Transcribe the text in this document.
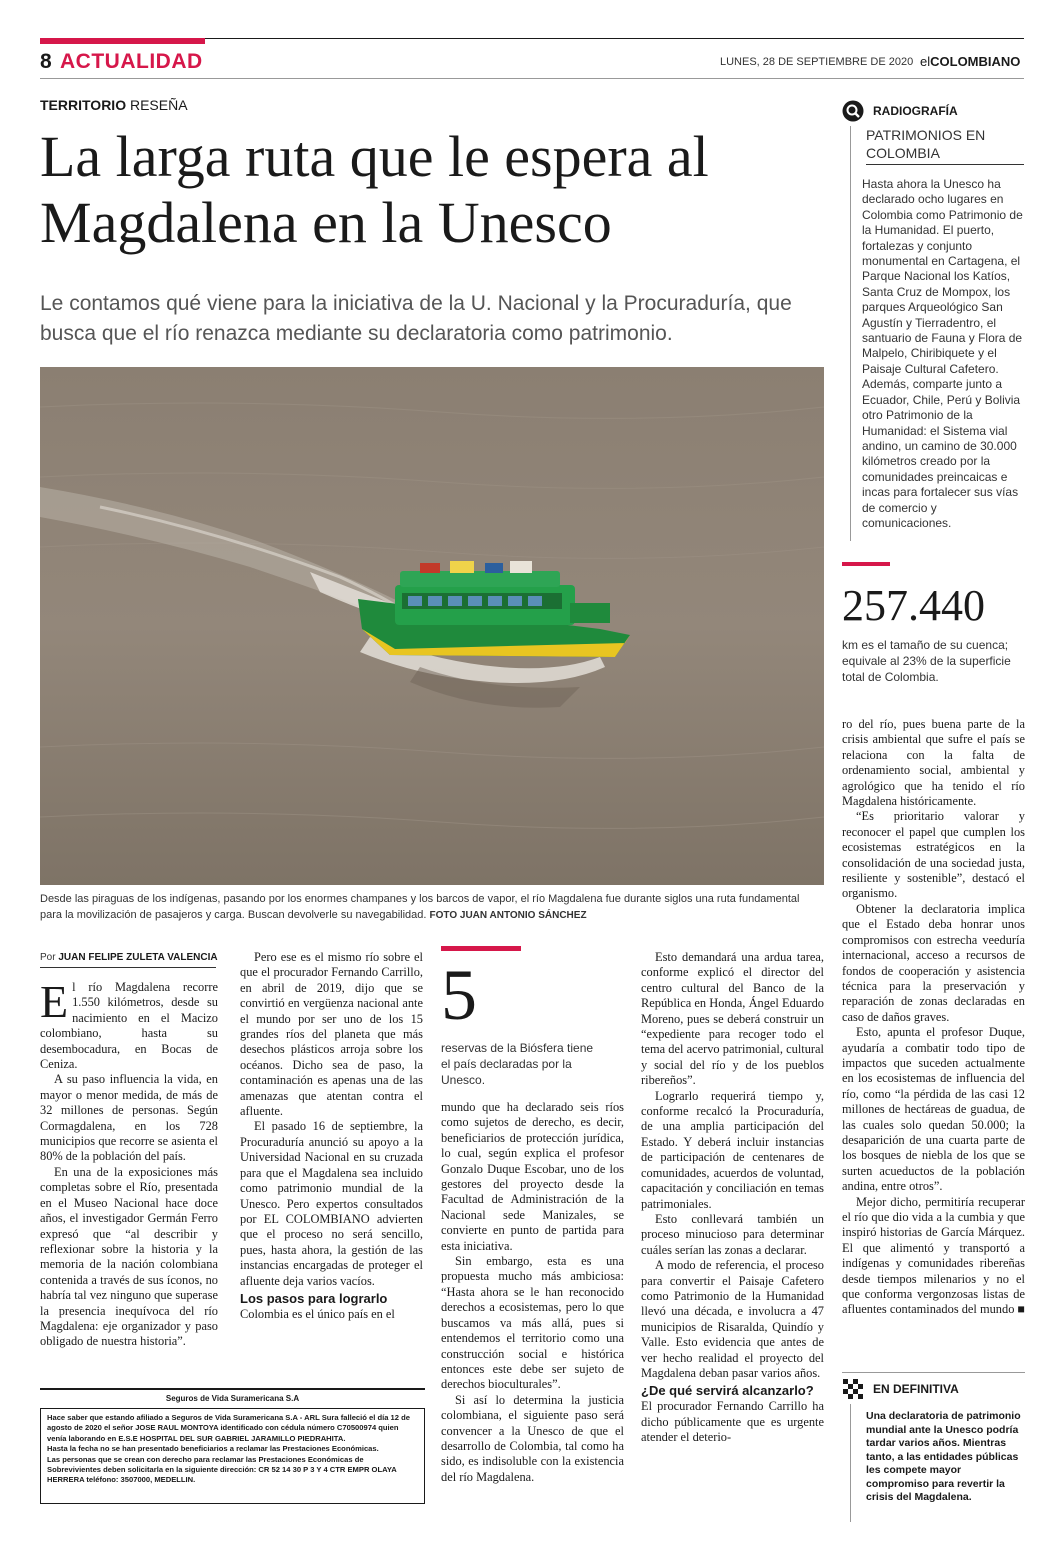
8 ACTUALIDAD	LUNES, 28 DE SEPTIEMBRE DE 2020 elCOLOMBIANO
TERRITORIO RESEÑA
La larga ruta que le espera al Magdalena en la Unesco
Le contamos qué viene para la iniciativa de la U. Nacional y la Procuraduría, que busca que el río renazca mediante su declaratoria como patrimonio.
Desde las piraguas de los indígenas, pasando por los enormes champanes y los barcos de vapor, el río Magdalena fue durante siglos una ruta fundamental para la movilización de pasajeros y carga. Buscan devolverle su navegabilidad. FOTO JUAN ANTONIO SÁNCHEZ
RADIOGRAFÍA
PATRIMONIOS EN COLOMBIA
Hasta ahora la Unesco ha declarado ocho lugares en Colombia como Patrimonio de la Humanidad. El puerto, fortalezas y conjunto monumental en Cartagena, el Parque Nacional los Katíos, Santa Cruz de Mompox, los parques Arqueológico San Agustín y Tierradentro, el santuario de Fauna y Flora de Malpelo, Chiribiquete y el Paisaje Cultural Cafetero. Además, comparte junto a Ecuador, Chile, Perú y Bolivia otro Patrimonio de la Humanidad: el Sistema vial andino, un camino de 30.000 kilómetros creado por la comunidades preincaicas e incas para fortalecer sus vías de comercio y comunicaciones.
257.440
km es el tamaño de su cuenca; equivale al 23% de la superficie total de Colombia.
Por JUAN FELIPE ZULETA VALENCIA

El río Magdalena recorre 1.550 kilómetros, desde su nacimiento en el Macizo colombiano, hasta su desembocadura, en Bocas de Ceniza.

A su paso influencia la vida, en mayor o menor medida, de más de 32 millones de personas. Según Cormagdalena, en los 728 municipios que recorre se asienta el 80% de la población del país.

En una de la exposiciones más completas sobre el Río, presentada en el Museo Nacional hace doce años, el investigador Germán Ferro expresó que “al describir y reflexionar sobre la historia y la memoria de la nación colombiana contenida a través de sus íconos, no habría tal vez ninguno que superase la presencia inequívoca del río Magdalena: eje organizador y paso obligado de nuestra historia”.

Pero ese es el mismo río sobre el que el procurador Fernando Carrillo, en abril de 2019, dijo que se convirtió en vergüenza nacional ante el mundo por ser uno de los 15 grandes ríos del planeta que más desechos plásticos arroja sobre los océanos. Dicho sea de paso, la contaminación es apenas una de las amenazas que atentan contra el afluente.

El pasado 16 de septiembre, la Procuraduría anunció su apoyo a la Universidad Nacional en su cruzada para que el Magdalena sea incluido como patrimonio mundial de la Unesco. Pero expertos consultados por EL COLOMBIANO advierten que el proceso no será sencillo, pues, hasta ahora, la gestión de las instancias encargadas de proteger el afluente deja varios vacíos.

Los pasos para lograrlo

Colombia es el único país en el

5
reservas de la Biósfera tiene el país declaradas por la Unesco.

mundo que ha declarado seis ríos como sujetos de derecho, es decir, beneficiarios de protección jurídica, lo cual, según explica el profesor Gonzalo Duque Escobar, uno de los gestores del proyecto desde la Facultad de Administración de la Nacional sede Manizales, se convierte en punto de partida para esta iniciativa.

Sin embargo, esta es una propuesta mucho más ambiciosa: “Hasta ahora se le han reconocido derechos a ecosistemas, pero lo que buscamos va más allá, pues si entendemos el territorio como una construcción social e histórica entonces este debe ser sujeto de derechos bioculturales”.

Si así lo determina la justicia colombiana, el siguiente paso será convencer a la Unesco de que el desarrollo de Colombia, tal como ha sido, es indisoluble con la existencia del río Magdalena.

Esto demandará una ardua tarea, conforme explicó el director del centro cultural del Banco de la República en Honda, Ángel Eduardo Moreno, pues se deberá construir un “expediente para recoger todo el tema del acervo patrimonial, cultural y social del río y de los pueblos ribereños”.

Lograrlo requerirá tiempo y, conforme recalcó la Procuraduría, de una amplia participación del Estado. Y deberá incluir instancias de participación de centenares de comunidades, acuerdos de voluntad, capacitación y conciliación en temas patrimoniales.

Esto conllevará también un proceso minucioso para determinar cuáles serían las zonas a declarar.

A modo de referencia, el proceso para convertir el Paisaje Cafetero como Patrimonio de la Humanidad llevó una década, e involucra a 47 municipios de Risaralda, Quindío y Valle. Esto evidencia que antes de ver hecho realidad el proyecto del Magdalena deban pasar varios años.

¿De qué servirá alcanzarlo?

El procurador Fernando Carrillo ha dicho públicamente que es urgente atender el deterio-

ro del río, pues buena parte de la crisis ambiental que sufre el país se relaciona con la falta de ordenamiento social, ambiental y agrológico que ha tenido el río Magdalena históricamente.

“Es prioritario valorar y reconocer el papel que cumplen los ecosistemas estratégicos en la consolidación de una sociedad justa, resiliente y sostenible”, destacó el organismo.

Obtener la declaratoria implica que el Estado deba honrar unos compromisos con estrecha veeduría internacional, acceso a recursos de fondos de cooperación y asistencia técnica para la preservación y reparación de zonas declaradas en caso de daños graves.

Esto, apunta el profesor Duque, ayudaría a combatir todo tipo de impactos que suceden actualmente en los ecosistemas de influencia del río, como “la pérdida de las casi 12 millones de hectáreas de guadua, de las cuales solo quedan 50.000; la desaparición de una cuarta parte de los bosques de niebla de los que se surten acueductos de la población andina, entre otros”.

Mejor dicho, permitiría recuperar el río que dio vida a la cumbia y que inspiró historias de García Márquez. El que alimentó y transportó a indígenas y comunidades ribereñas desde tiempos milenarios y no el que conforma vergonzosas listas de afluentes contaminados del mundo ■

Seguros de Vida Suramericana S.A

Hace saber que estando afiliado a Seguros de Vida Suramericana S.A - ARL Sura falleció el día 12 de agosto de 2020 el señor JOSE RAUL MONTOYA identificado con cédula número C70500974 quien venía laborando en E.S.E HOSPITAL DEL SUR GABRIEL JARAMILLO PIEDRAHITA.

Hasta la fecha no se han presentado beneficiarios a reclamar las Prestaciones Económicas.

Las personas que se crean con derecho para reclamar las Prestaciones Económicas de Sobrevivientes deben solicitarla en la siguiente dirección: CR 52 14 30 P 3 Y 4 CTR EMPR OLAYA HERRERA teléfono: 3507000, MEDELLIN.

EN DEFINITIVA
Una declaratoria de patrimonio mundial ante la Unesco podría tardar varios años. Mientras tanto, a las entidades públicas les compete mayor compromiso para revertir la crisis del Magdalena.
